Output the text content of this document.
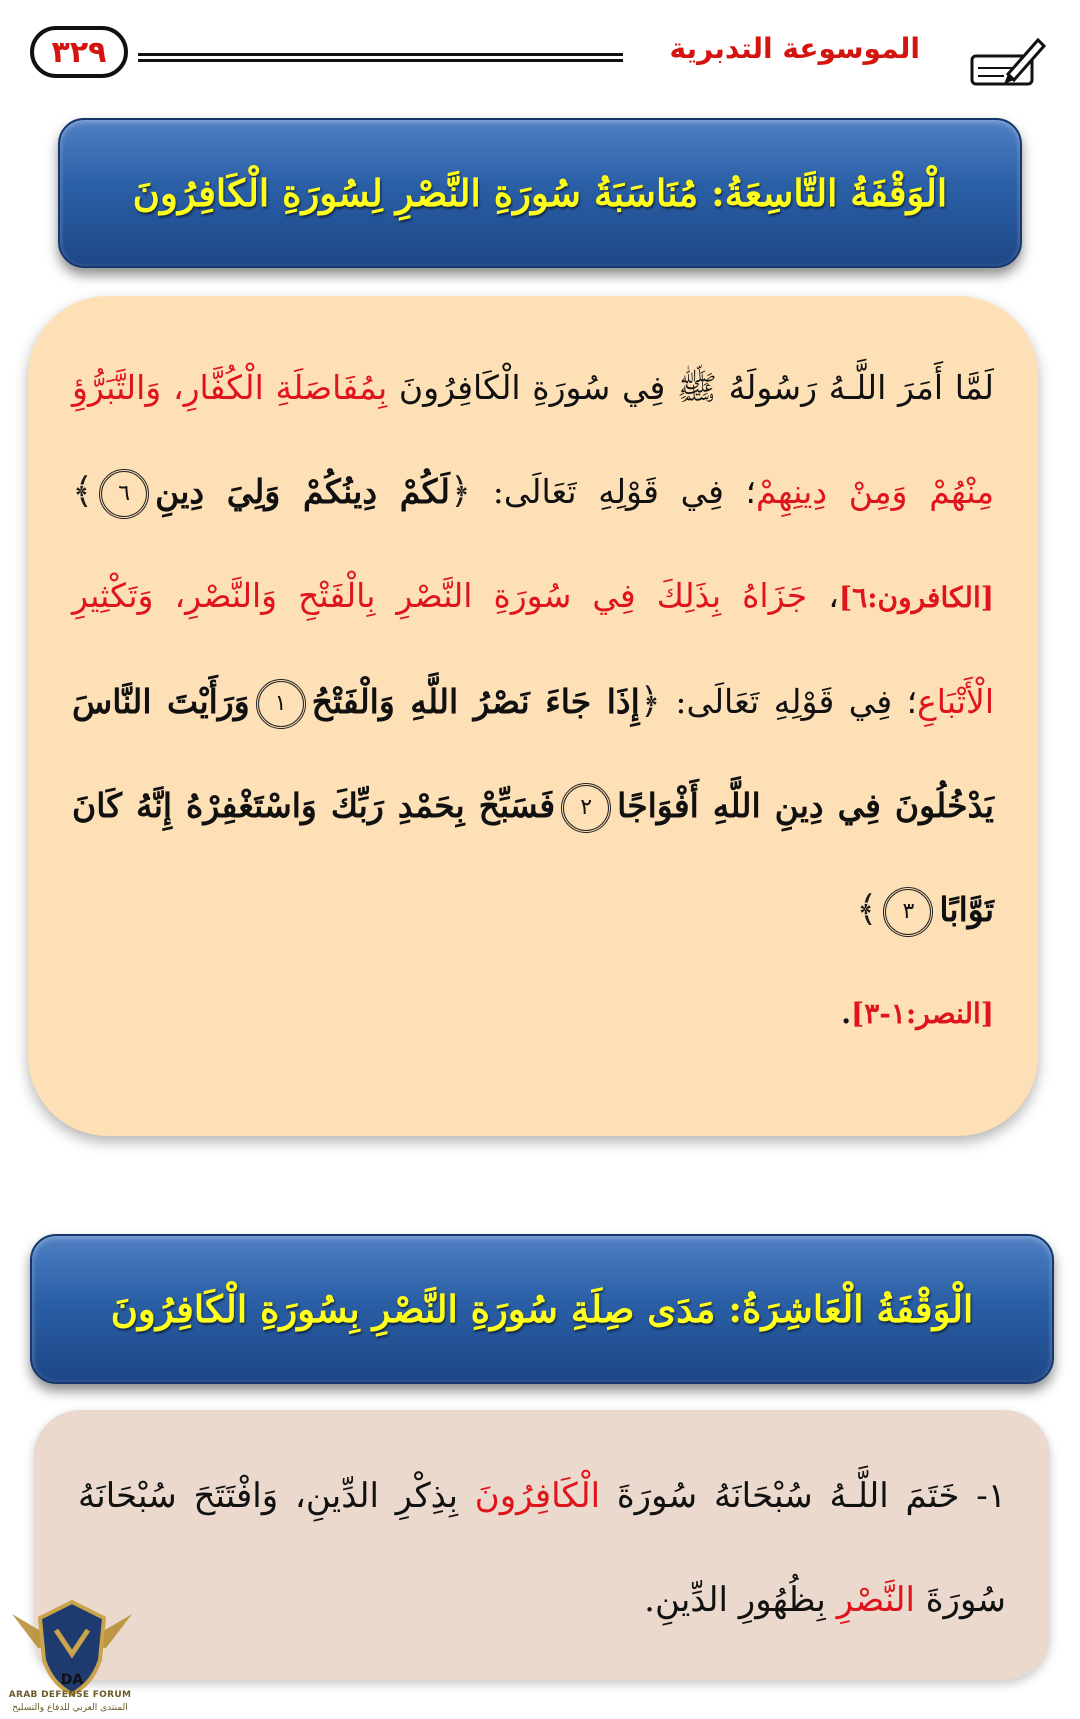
٣٢٩	الموسوعة التدبرية
الْوَقْفَةُ التَّاسِعَةُ: مُنَاسَبَةُ سُورَةِ النَّصْرِ لِسُورَةِ الْكَافِرُونَ
لَمَّا أَمَرَ اللَّـهُ رَسُولَهُ ﷺ فِي سُورَةِ الْكَافِرُونَ بِمُفَاصَلَةِ الْكُفَّارِ، وَالتَّبَرُّؤِ مِنْهُمْ وَمِنْ دِينِهِمْ؛ فِي قَوْلِهِ تَعَالَى: ﴿لَكُمْ دِينُكُمْ وَلِيَ دِينِ٦﴾[الكافرون:٦]، جَزَاهُ بِذَلِكَ فِي سُورَةِ النَّصْرِ بِالْفَتْحِ وَالنَّصْرِ، وَتَكْثِيرِ الْأَتْبَاعِ؛ فِي قَوْلِهِ تَعَالَى: ﴿إِذَا جَاءَ نَصْرُ اللَّهِ وَالْفَتْحُ١وَرَأَيْتَ النَّاسَ يَدْخُلُونَ فِي دِينِ اللَّهِ أَفْوَاجًا٢فَسَبِّحْ بِحَمْدِ رَبِّكَ وَاسْتَغْفِرْهُ إِنَّهُ كَانَ تَوَّابًا٣﴾
[النصر:١-٣].
الْوَقْفَةُ الْعَاشِرَةُ: مَدَى صِلَةِ سُورَةِ النَّصْرِ بِسُورَةِ الْكَافِرُونَ
١- خَتَمَ اللَّـهُ سُبْحَانَهُ سُورَةَ الْكَافِرُونَ بِذِكْرِ الدِّينِ، وَافْتَتَحَ سُبْحَانَهُ سُورَةَ النَّصْرِ بِظُهُورِ الدِّينِ.
DA
ARAB DEFENSE FORUM
المنتدى العربي للدفاع والتسليح
